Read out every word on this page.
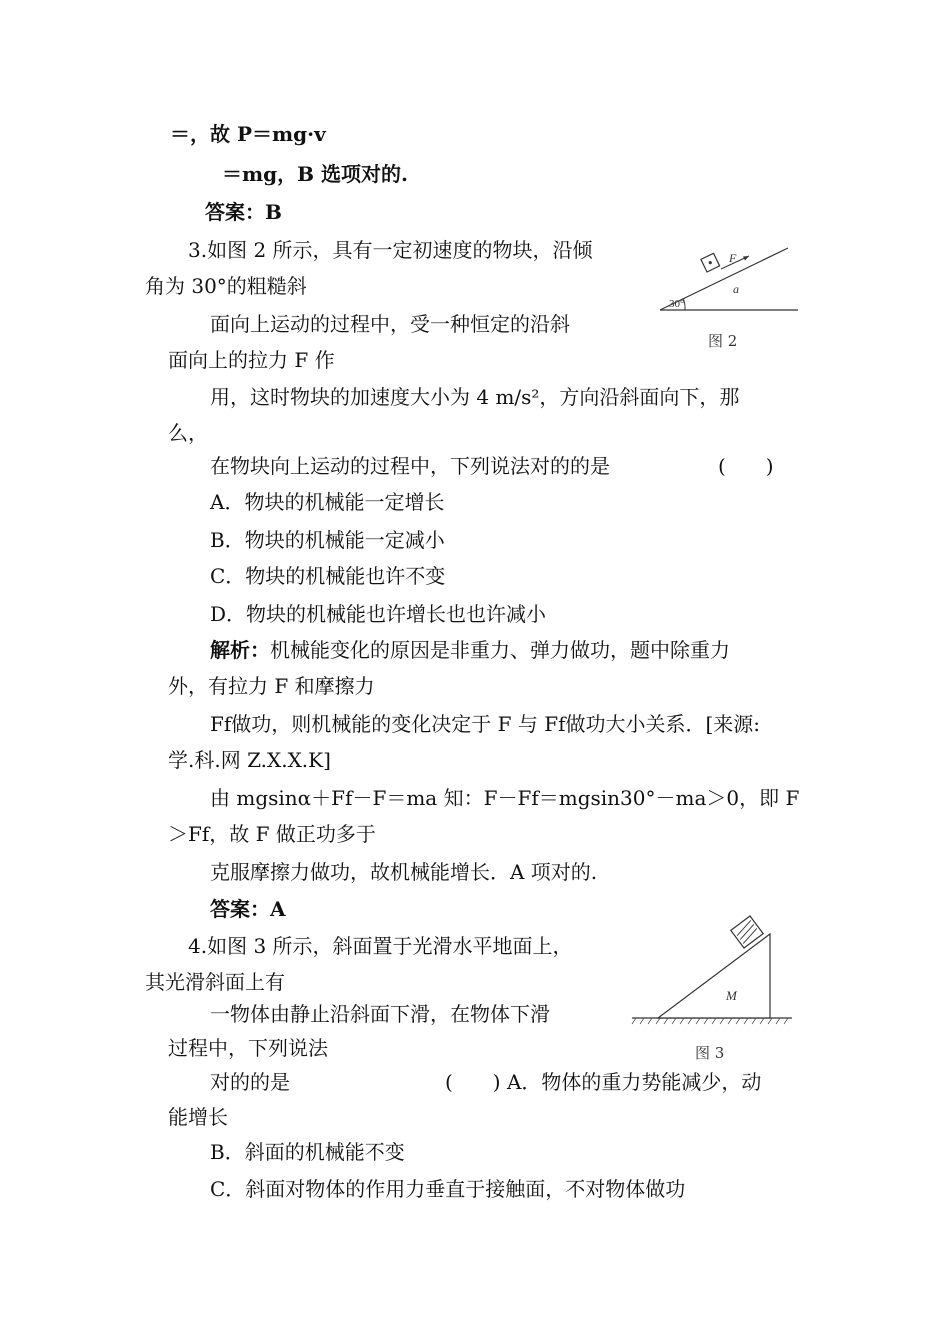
＝，故 P＝mg·v
＝mg，B 选项对的.
答案：B
3.如图 2 所示，具有一定初速度的物块，沿倾
角为 30°的粗糙斜
面向上运动的过程中，受一种恒定的沿斜
面向上的拉力 F 作
用，这时物块的加速度大小为 4 m/s²，方向沿斜面向下，那
么，
在物块向上运动的过程中，下列说法对的的是	(　　)
A．物块的机械能一定增长
B．物块的机械能一定减小
C．物块的机械能也许不变
D．物块的机械能也许增长也也许减小
解析：机械能变化的原因是非重力、弹力做功，题中除重力
外，有拉力 F 和摩擦力
Ff做功，则机械能的变化决定于 F 与 Ff做功大小关系．[来源:
学.科.网 Z.X.X.K]
由 mgsinα＋Ff－F＝ma 知：F－Ff＝mgsin30°－ma＞0，即 F
＞Ff，故 F 做正功多于
克服摩擦力做功，故机械能增长．A 项对的.
答案：A
4.如图 3 所示，斜面置于光滑水平地面上，
其光滑斜面上有
一物体由静止沿斜面下滑，在物体下滑
过程中，下列说法
对的的是	(　　) A．物体的重力势能减少，动
能增长
B．斜面的机械能不变
C．斜面对物体的作用力垂直于接触面，不对物体做功
F
a
30°
图 2
M
图 3
